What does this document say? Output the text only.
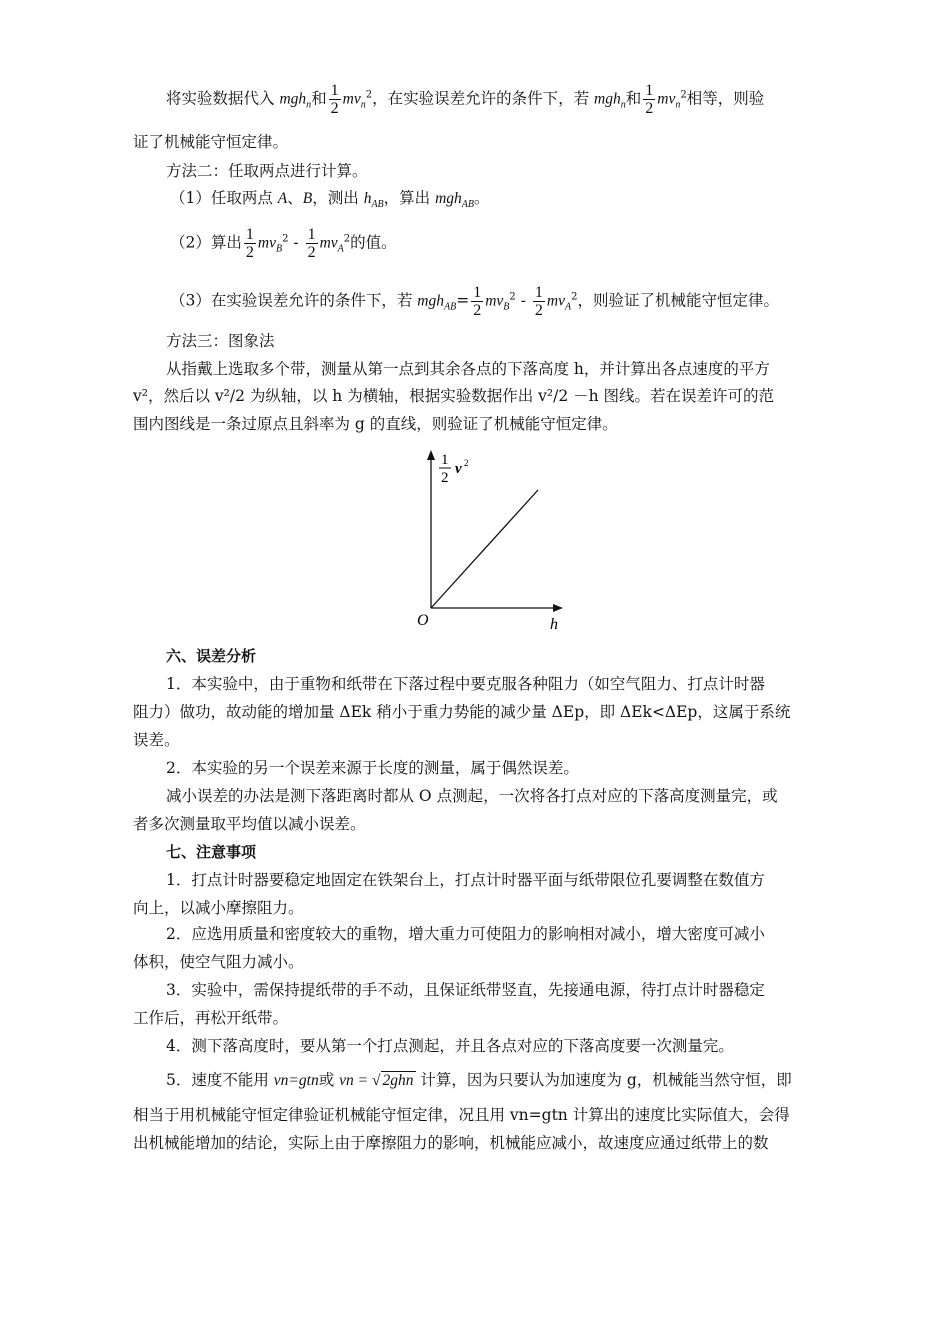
将实验数据代入 mgh$_n$和 $\frac{1}{2} mv_n^2$，在实验误差允许的条件下，若 mgh$_n$和 $\frac{1}{2} mv_n^2$相等，则验
证了机械能守恒定律。
方法二：任取两点进行计算。
（1）任取两点 A、B，测出 $h_{AB}$，算出 mgh$_{AB}$。
（2）算出 $\frac{1}{2} mv_B^2 - \frac{1}{2} mv_A^2$的值。
（3）在实验误差允许的条件下，若 $mgh_{AB}= \frac{1}{2} mv_B^2 - \frac{1}{2} mv_A^2$，则验证了机械能守恒定律。
方法三：图象法
从指戴上选取多个带，测量从第一点到其余各点的下落高度 h，并计算出各点速度的平方
v²，然后以 v²/2 为纵轴，以 h 为横轴，根据实验数据作出 v²/2 －h 图线。若在误差许可的范
围内图线是一条过原点且斜率为 g 的直线，则验证了机械能守恒定律。
1
2
v 2
O	h
六、误差分析
1．本实验中，由于重物和纸带在下落过程中要克服各种阻力（如空气阻力、打点计时器
阻力）做功，故动能的增加量 ΔEk 稍小于重力势能的减少量 ΔEp，即 ΔEk<ΔEp，这属于系统
误差。
2．本实验的另一个误差来源于长度的测量，属于偶然误差。
减小误差的办法是测下落距离时都从 O 点测起，一次将各打点对应的下落高度测量完，或
者多次测量取平均值以减小误差。
七、注意事项
1．打点计时器要稳定地固定在铁架台上，打点计时器平面与纸带限位孔要调整在数值方
向上，以减小摩擦阻力。
2．应选用质量和密度较大的重物，增大重力可使阻力的影响相对减小，增大密度可减小
体积，使空气阻力减小。
3．实验中，需保持提纸带的手不动，且保证纸带竖直，先接通电源，待打点计时器稳定
工作后，再松开纸带。
4．测下落高度时，要从第一个打点测起，并且各点对应的下落高度要一次测量完。
5．速度不能用 vn=gtn或 vn = √ 2ghn 计算，因为只要认为加速度为 g，机械能当然守恒，即
相当于用机械能守恒定律验证机械能守恒定律，况且用 vn=gtn 计算出的速度比实际值大，会得
出机械能增加的结论，实际上由于摩擦阻力的影响，机械能应减小，故速度应通过纸带上的数
